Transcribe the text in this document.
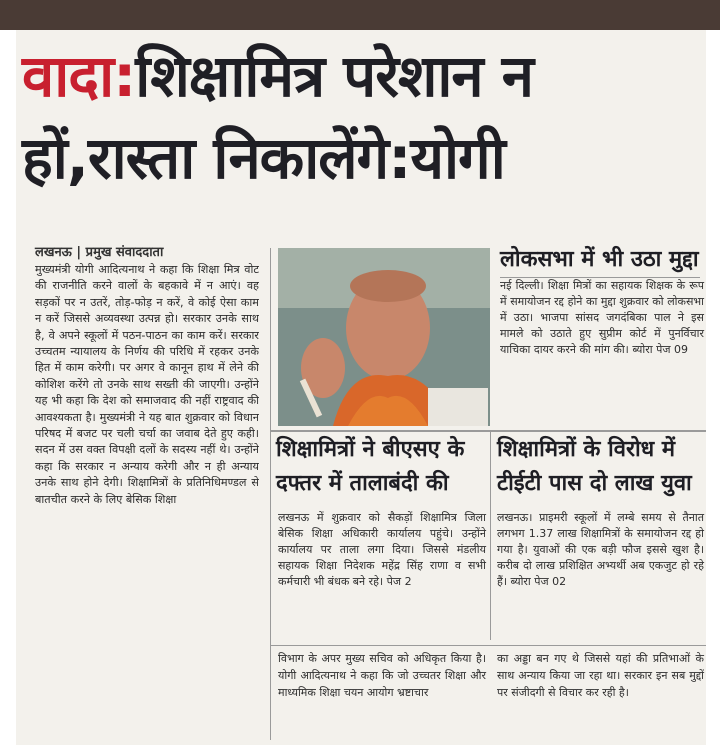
वादा:शिक्षामित्र परेशान न
हों,रास्ता निकालेंगे:योगी
लखनऊ | प्रमुख संवाददाता
मुख्यमंत्री योगी आदित्यनाथ ने कहा कि शिक्षा मित्र वोट की राजनीति करने वालों के बहकावे में न आएं। वह सड़कों पर न उतरें, तोड़-फोड़ न करें, वे कोई ऐसा काम न करें जिससे अव्यवस्था उत्पन्न हो। सरकार उनके साथ है, वे अपने स्कूलों में पठन-पाठन का काम करें। सरकार उच्चतम न्यायालय के निर्णय की परिधि में रहकर उनके हित में काम करेगी। पर अगर वे कानून हाथ में लेने की कोशिश करेंगे तो उनके साथ सख्ती की जाएगी। उन्होंने यह भी कहा कि देश को समाजवाद की नहीं राष्ट्रवाद की आवश्यकता है। मुख्यमंत्री ने यह बात शुक्रवार को विधान परिषद में बजट पर चली चर्चा का जवाब देते हुए कही। सदन में उस वक्त विपक्षी दलों के सदस्य नहीं थे। उन्होंने कहा कि सरकार न अन्याय करेगी और न ही अन्याय उनके साथ होने देगी। शिक्षामित्रों के प्रतिनिधिमण्डल से बातचीत करने के लिए बेसिक शिक्षा
लोकसभा में भी उठा मुद्दा
नई दिल्ली। शिक्षा मित्रों का सहायक शिक्षक के रूप में समायोजन रद्द होने का मुद्दा शुक्रवार को लोकसभा में उठा। भाजपा सांसद जगदंबिका पाल ने इस मामले को उठाते हुए सुप्रीम कोर्ट में पुनर्विचार याचिका दायर करने की मांग की। ब्योरा पेज 09
शिक्षामित्रों ने बीएसए के
दफ्तर में तालाबंदी की
लखनऊ में शुक्रवार को सैकड़ों शिक्षामित्र जिला बेसिक शिक्षा अधिकारी कार्यालय पहुंचे। उन्होंने कार्यालय पर ताला लगा दिया। जिससे मंडलीय सहायक शिक्षा निदेशक महेंद्र सिंह राणा व सभी कर्मचारी भी बंधक बने रहे। पेज 2
शिक्षामित्रों के विरोध में
टीईटी पास दो लाख युवा
लखनऊ। प्राइमरी स्कूलों में लम्बे समय से तैनात लगभग 1.37 लाख शिक्षामित्रों के समायोजन रद्द हो गया है। युवाओं की एक बड़ी फौज इससे खुश है। करीब दो लाख प्रशिक्षित अभ्यर्थी अब एकजुट हो रहे हैं। ब्योरा पेज 02
विभाग के अपर मुख्य सचिव को अधिकृत किया है। योगी आदित्यनाथ ने कहा कि जो उच्चतर शिक्षा और माध्यमिक शिक्षा चयन आयोग भ्रष्टाचार
का अड्डा बन गए थे जिससे यहां की प्रतिभाओं के साथ अन्याय किया जा रहा था। सरकार इन सब मुद्दों पर संजीदगी से विचार कर रही है।
